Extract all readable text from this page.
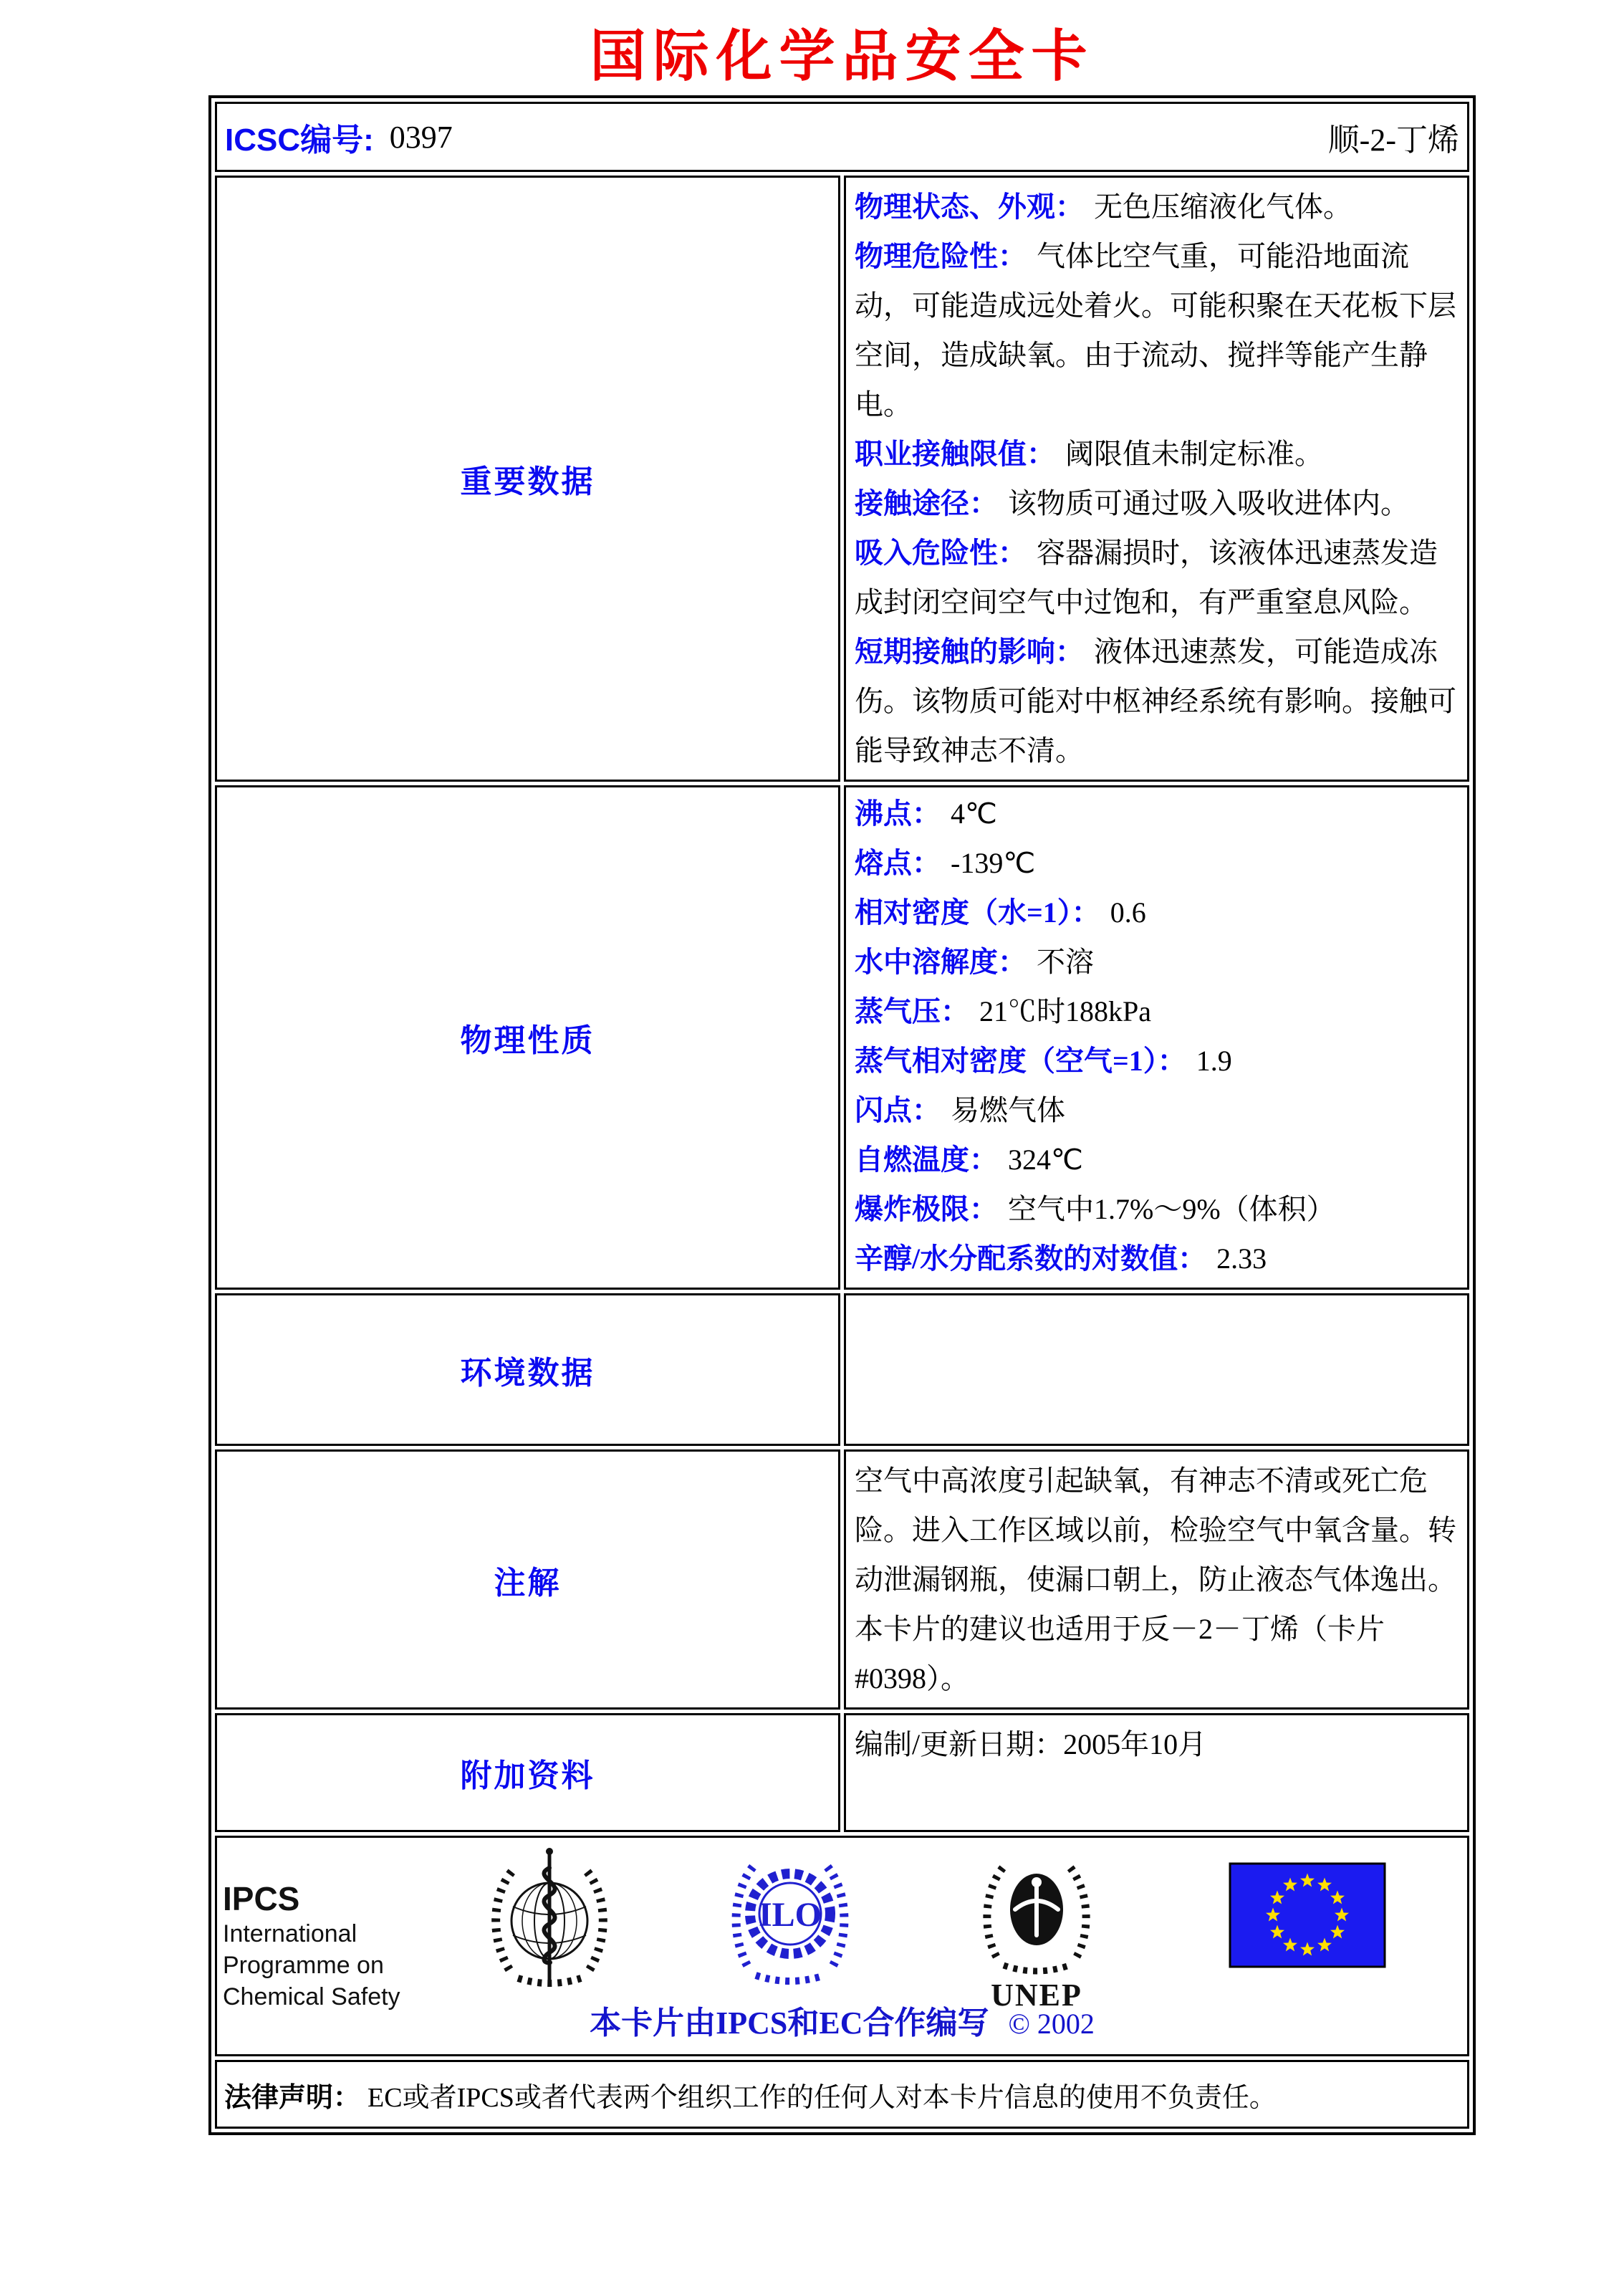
国际化学品安全卡
ICSC编号: 0397 顺-2-丁烯	

重要数据	
物理状态、外观： 无色压缩液化气体。
物理危险性： 气体比空气重，可能沿地面流动，可能造成远处着火。可能积聚在天花板下层空间，造成缺氧。由于流动、搅拌等能产生静电。
职业接触限值： 阈限值未制定标准。
接触途径： 该物质可通过吸入吸收进体内。
吸入危险性： 容器漏损时，该液体迅速蒸发造成封闭空间空气中过饱和，有严重窒息风险。
短期接触的影响： 液体迅速蒸发，可能造成冻伤。该物质可能对中枢神经系统有影响。接触可能导致神志不清。

物理性质	
沸点： 4℃
熔点： -139℃
相对密度（水=1）： 0.6
水中溶解度： 不溶
蒸气压： 21℃时188kPa
蒸气相对密度（空气=1）： 1.9
闪点： 易燃气体
自燃温度： 324℃
爆炸极限： 空气中1.7%～9%（体积）
辛醇/水分配系数的对数值： 2.33

环境数据	
注解	空气中高浓度引起缺氧，有神志不清或死亡危险。进入工作区域以前，检验空气中氧含量。转动泄漏钢瓶，使漏口朝上，防止液态气体逸出。本卡片的建议也适用于反－2－丁烯（卡片#0398）。
附加资料	编制/更新日期：2005年10月

IPCS
International
Programme on
Chemical Safety
ILO
UNEP
本卡片由IPCS和EC合作编写 © 2002

法律声明： EC或者IPCS或者代表两个组织工作的任何人对本卡片信息的使用不负责任。	
